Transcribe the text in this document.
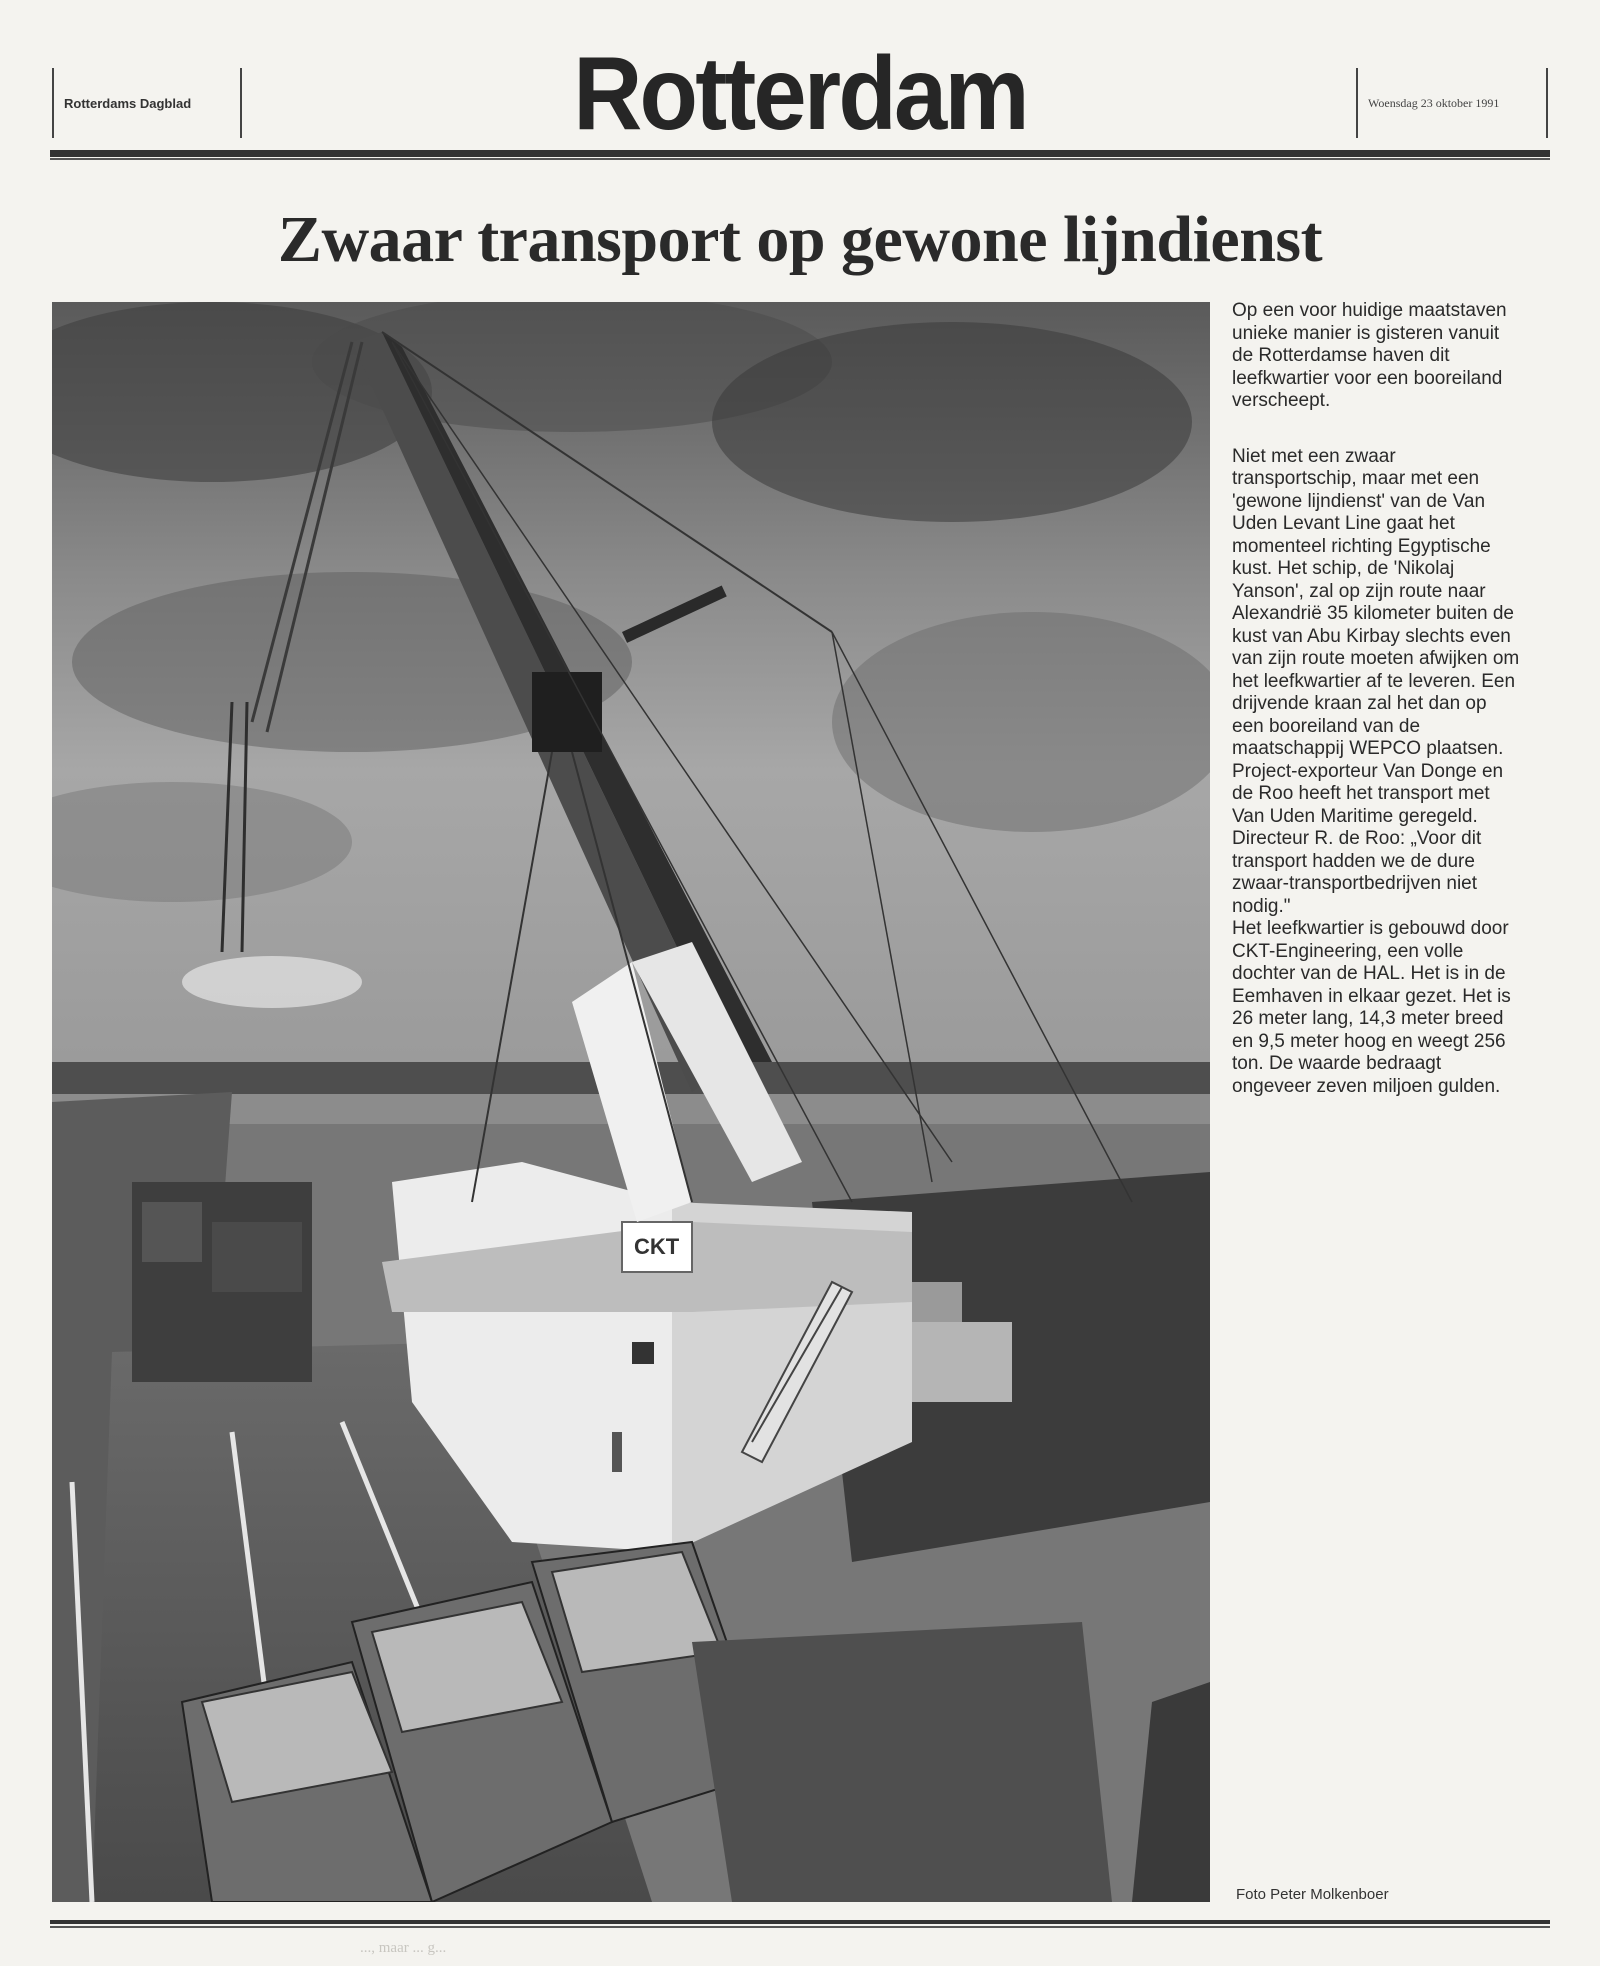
Rotterdams Dagblad	Rotterdam	Woensdag 23 oktober 1991
Zwaar transport op gewone lijndienst
CKT

Op een voor huidige maatstaven unieke manier is gisteren vanuit de Rotterdamse haven dit leefkwartier voor een booreiland verscheept.

Niet met een zwaar transportschip, maar met een 'gewone lijndienst' van de Van Uden Levant Line gaat het momenteel richting Egyptische kust. Het schip, de 'Nikolaj Yanson', zal op zijn route naar Alexandrië 35 kilometer buiten de kust van Abu Kirbay slechts even van zijn route moeten afwijken om het leefkwartier af te leveren. Een drijvende kraan zal het dan op een booreiland van de maatschappij WEPCO plaatsen.

Project-exporteur Van Donge en de Roo heeft het transport met Van Uden Maritime geregeld. Directeur R. de Roo: „Voor dit transport hadden we de dure zwaar-transportbedrijven niet nodig."

Het leefkwartier is gebouwd door CKT-Engineering, een volle dochter van de HAL. Het is in de Eemhaven in elkaar gezet. Het is 26 meter lang, 14,3 meter breed en 9,5 meter hoog en weegt 256 ton. De waarde bedraagt ongeveer zeven miljoen gulden.

Foto Peter Molkenboer
..., maar ... g...
